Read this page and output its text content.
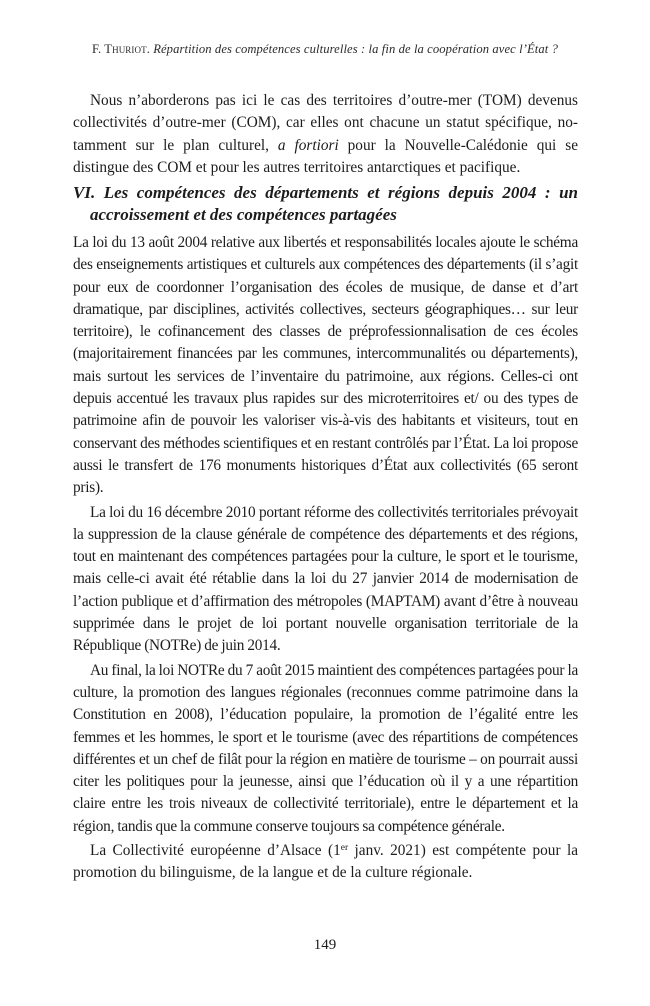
F. Thuriot. Répartition des compétences culturelles : la fin de la coopération avec l’État ?

Nous n’aborderons pas ici le cas des territoires d’outre-mer (TOM) devenus collectivités d’outre-mer (COM), car elles ont chacune un statut spécifique, notamment sur le plan culturel, a fortiori pour la Nouvelle-Calédonie qui se distingue des COM et pour les autres territoires antarctiques et pacifique.

VI. Les compétences des départements et régions depuis 2004 : un accroissement et des compétences partagées

La loi du 13 août 2004 relative aux libertés et responsabilités locales ajoute le schéma des enseignements artistiques et culturels aux compétences des départements (il s’agit pour eux de coordonner l’organisation des écoles de musique, de danse et d’art dramatique, par disciplines, activités collectives, secteurs géographiques… sur leur territoire), le cofinancement des classes de préprofessionnalisation de ces écoles (majoritairement financées par les communes, intercommunalités ou départements), mais surtout les services de l’inventaire du patrimoine, aux régions. Celles-ci ont depuis accentué les travaux plus rapides sur des microterritoires et/ ou des types de patrimoine afin de pouvoir les valoriser vis-à-vis des habitants et visiteurs, tout en conservant des méthodes scientifiques et en restant contrôlés par l’État. La loi propose aussi le transfert de 176 monuments historiques d’État aux collectivités (65 seront pris).

La loi du 16 décembre 2010 portant réforme des collectivités territoriales prévoyait la suppression de la clause générale de compétence des départements et des régions, tout en maintenant des compétences partagées pour la culture, le sport et le tourisme, mais celle-ci avait été rétablie dans la loi du 27 janvier 2014 de modernisation de l’action publique et d’affirmation des métropoles (MAPTAM) avant d’être à nouveau supprimée dans le projet de loi portant nouvelle organisation territoriale de la République (NOTRe) de juin 2014.

Au final, la loi NOTRe du 7 août 2015 maintient des compétences partagées pour la culture, la promotion des langues régionales (reconnues comme patrimoine dans la Constitution en 2008), l’éducation populaire, la promotion de l’égalité entre les femmes et les hommes, le sport et le tourisme (avec des répartitions de compétences différentes et un chef de filât pour la région en matière de tourisme – on pourrait aussi citer les politiques pour la jeunesse, ainsi que l’éducation où il y a une répartition claire entre les trois niveaux de collectivité territoriale), entre le département et la région, tandis que la commune conserve toujours sa compétence générale.

La Collectivité européenne d’Alsace (1er janv. 2021) est compétente pour la promotion du bilinguisme, de la langue et de la culture régionale.

149
